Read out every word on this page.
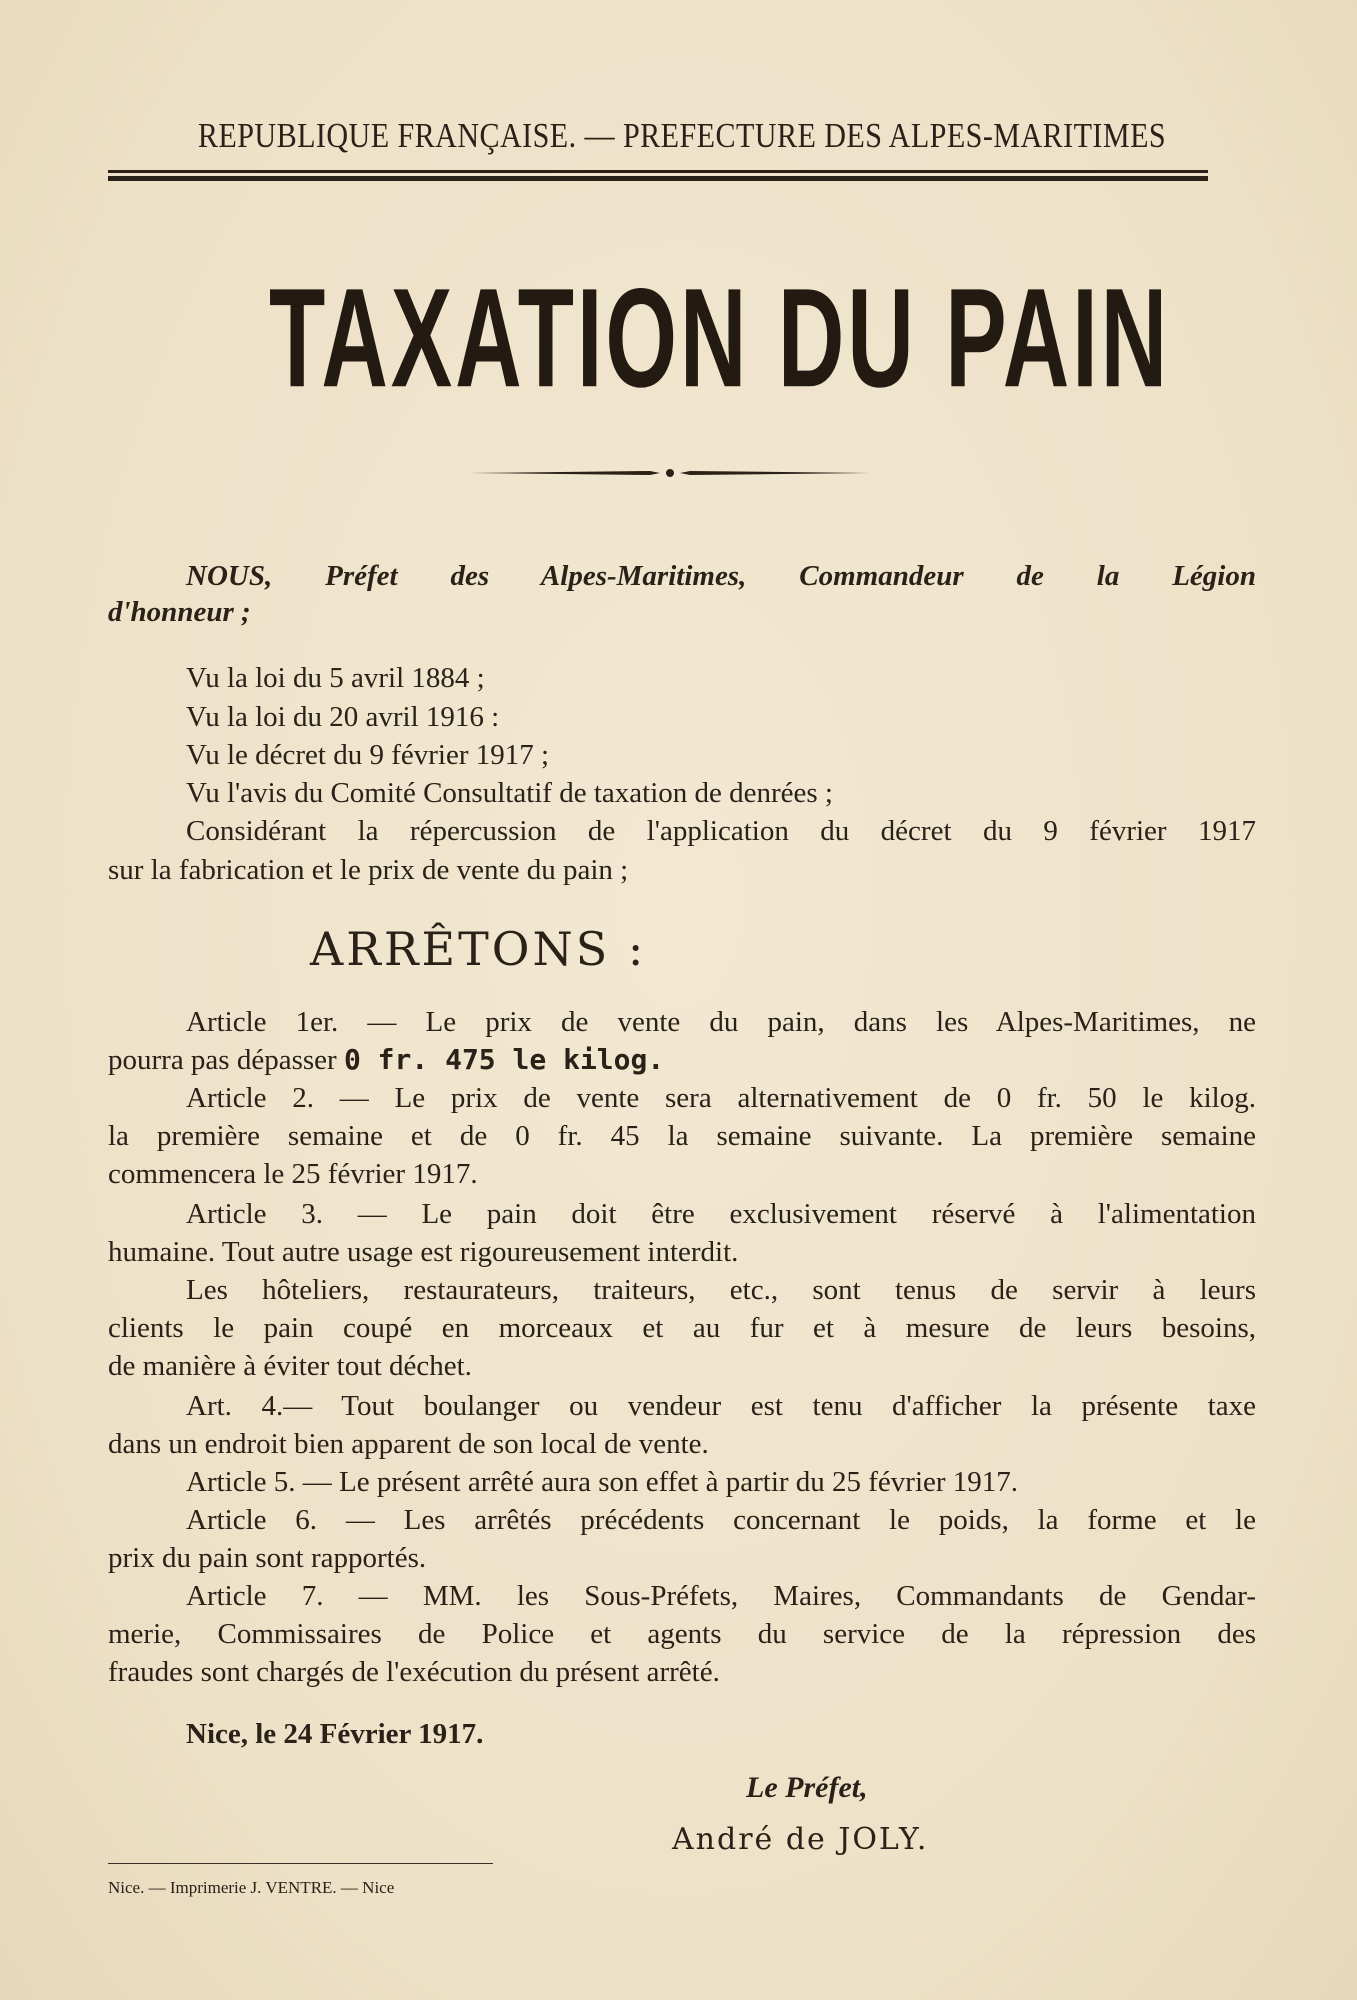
REPUBLIQUE FRANÇAISE. — PREFECTURE DES ALPES-MARITIMES
TAXATION DU PAIN
NOUS, Préfet des Alpes-Maritimes, Commandeur de la Légion
d'honneur ;
Vu la loi du 5 avril 1884 ;
Vu la loi du 20 avril 1916 :
Vu le décret du 9 février 1917 ;
Vu l'avis du Comité Consultatif de taxation de denrées ;
Considérant la répercussion de l'application du décret du 9 février 1917
sur la fabrication et le prix de vente du pain ;
ARRÊTONS :
Article 1er. — Le prix de vente du pain, dans les Alpes-Maritimes, ne
pourra pas dépasser 0 fr. 475 le kilog.
Article 2. — Le prix de vente sera alternativement de 0 fr. 50 le kilog.
la première semaine et de 0 fr. 45 la semaine suivante. La première semaine
commencera le 25 février 1917.
Article 3. — Le pain doit être exclusivement réservé à l'alimentation
humaine. Tout autre usage est rigoureusement interdit.
Les hôteliers, restaurateurs, traiteurs, etc., sont tenus de servir à leurs
clients le pain coupé en morceaux et au fur et à mesure de leurs besoins,
de manière à éviter tout déchet.
Art. 4.— Tout boulanger ou vendeur est tenu d'afficher la présente taxe
dans un endroit bien apparent de son local de vente.
Article 5. — Le présent arrêté aura son effet à partir du 25 février 1917.
Article 6. — Les arrêtés précédents concernant le poids, la forme et le
prix du pain sont rapportés.
Article 7. — MM. les Sous-Préfets, Maires, Commandants de Gendar-
merie, Commissaires de Police et agents du service de la répression des
fraudes sont chargés de l'exécution du présent arrêté.
Nice, le 24 Février 1917.
Le Préfet,
André de JOLY.
Nice. — Imprimerie J. VENTRE. — Nice
